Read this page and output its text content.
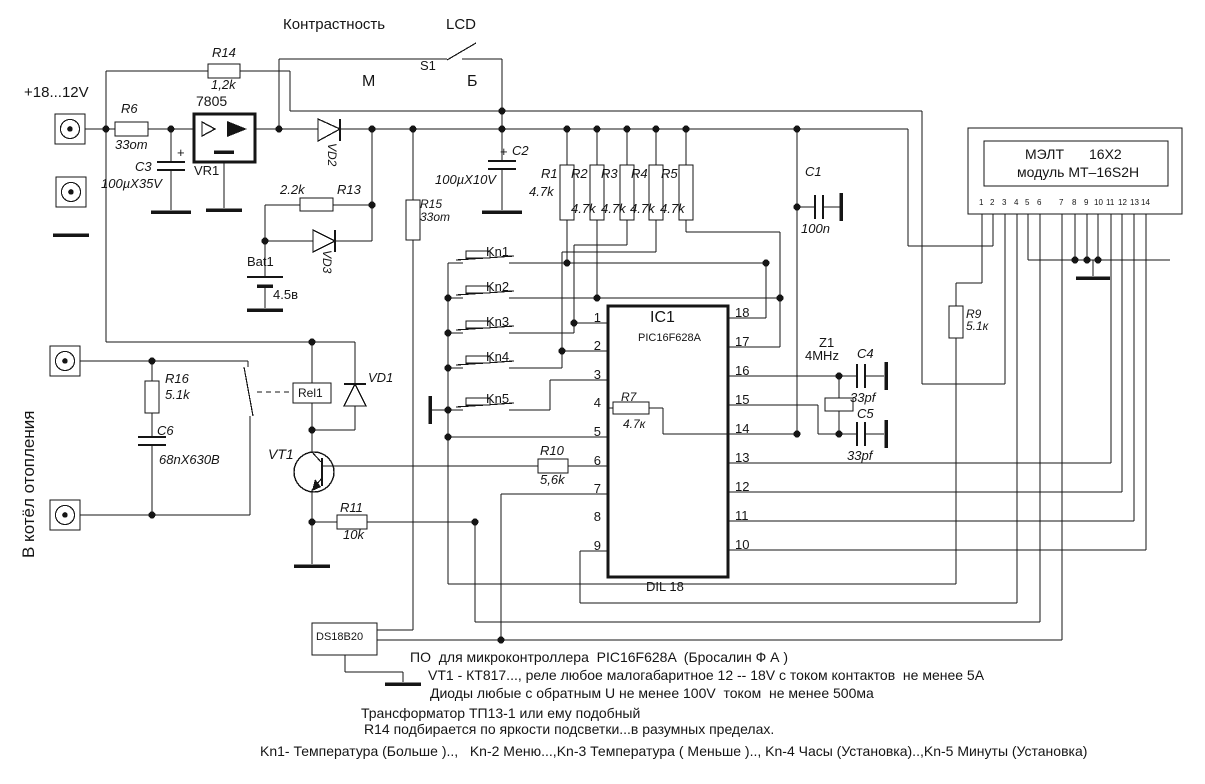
+18...12V
R6
33om
7805
VR1
C3
100µX35V
+
R14
1,2k
Контрастность	LCD
S1
М	Б
2.2k R13
VD2
VD3
Bat1
4.5в
R15
33om
+ C2
100µX10V
Kn1
Kn2
Kn3
Kn4
Kn5
R1 R2 R3 R4 R5
4.7k
4.7k 4.7k 4.7k 4.7k
C1
100n
IC1
PIC16F628A
DIL 18
R7
4.7к
Z1
4MHz C4
33pf
C5
33pf
МЭЛТ 16X2
модуль MT–16S2H
R9
5.1к
R10
5,6k
R11
10k
VT1
VD1
Rel1
DS18B20
R16
5.1k
C6
68nX630B
В котёл отопления
ПО  для микроконтроллера  PIC16F628A  (Бросалин Ф А )
VT1 - КТ817..., реле любое малогабаритное 12 -- 18V с током контактов  не менее 5А
Диоды любые с обратным U не менее 100V  током  не менее 500ма
Трансформатор ТП13-1 или ему подобный
R14 подбирается по яркости подсветки...в разумных пределах.
Kn1- Температура (Больше )..,   Kn-2 Меню...,Kn-3 Температура ( Меньше ).., Kn-4 Часы (Установка)..,Kn-5 Минуты (Установка)
1
2
3
4
5
6
7
8
9
18
17
16
15
14
13
12
11
10
1 2 3 4 5 6 7 8 9 10 11 12 13 14
